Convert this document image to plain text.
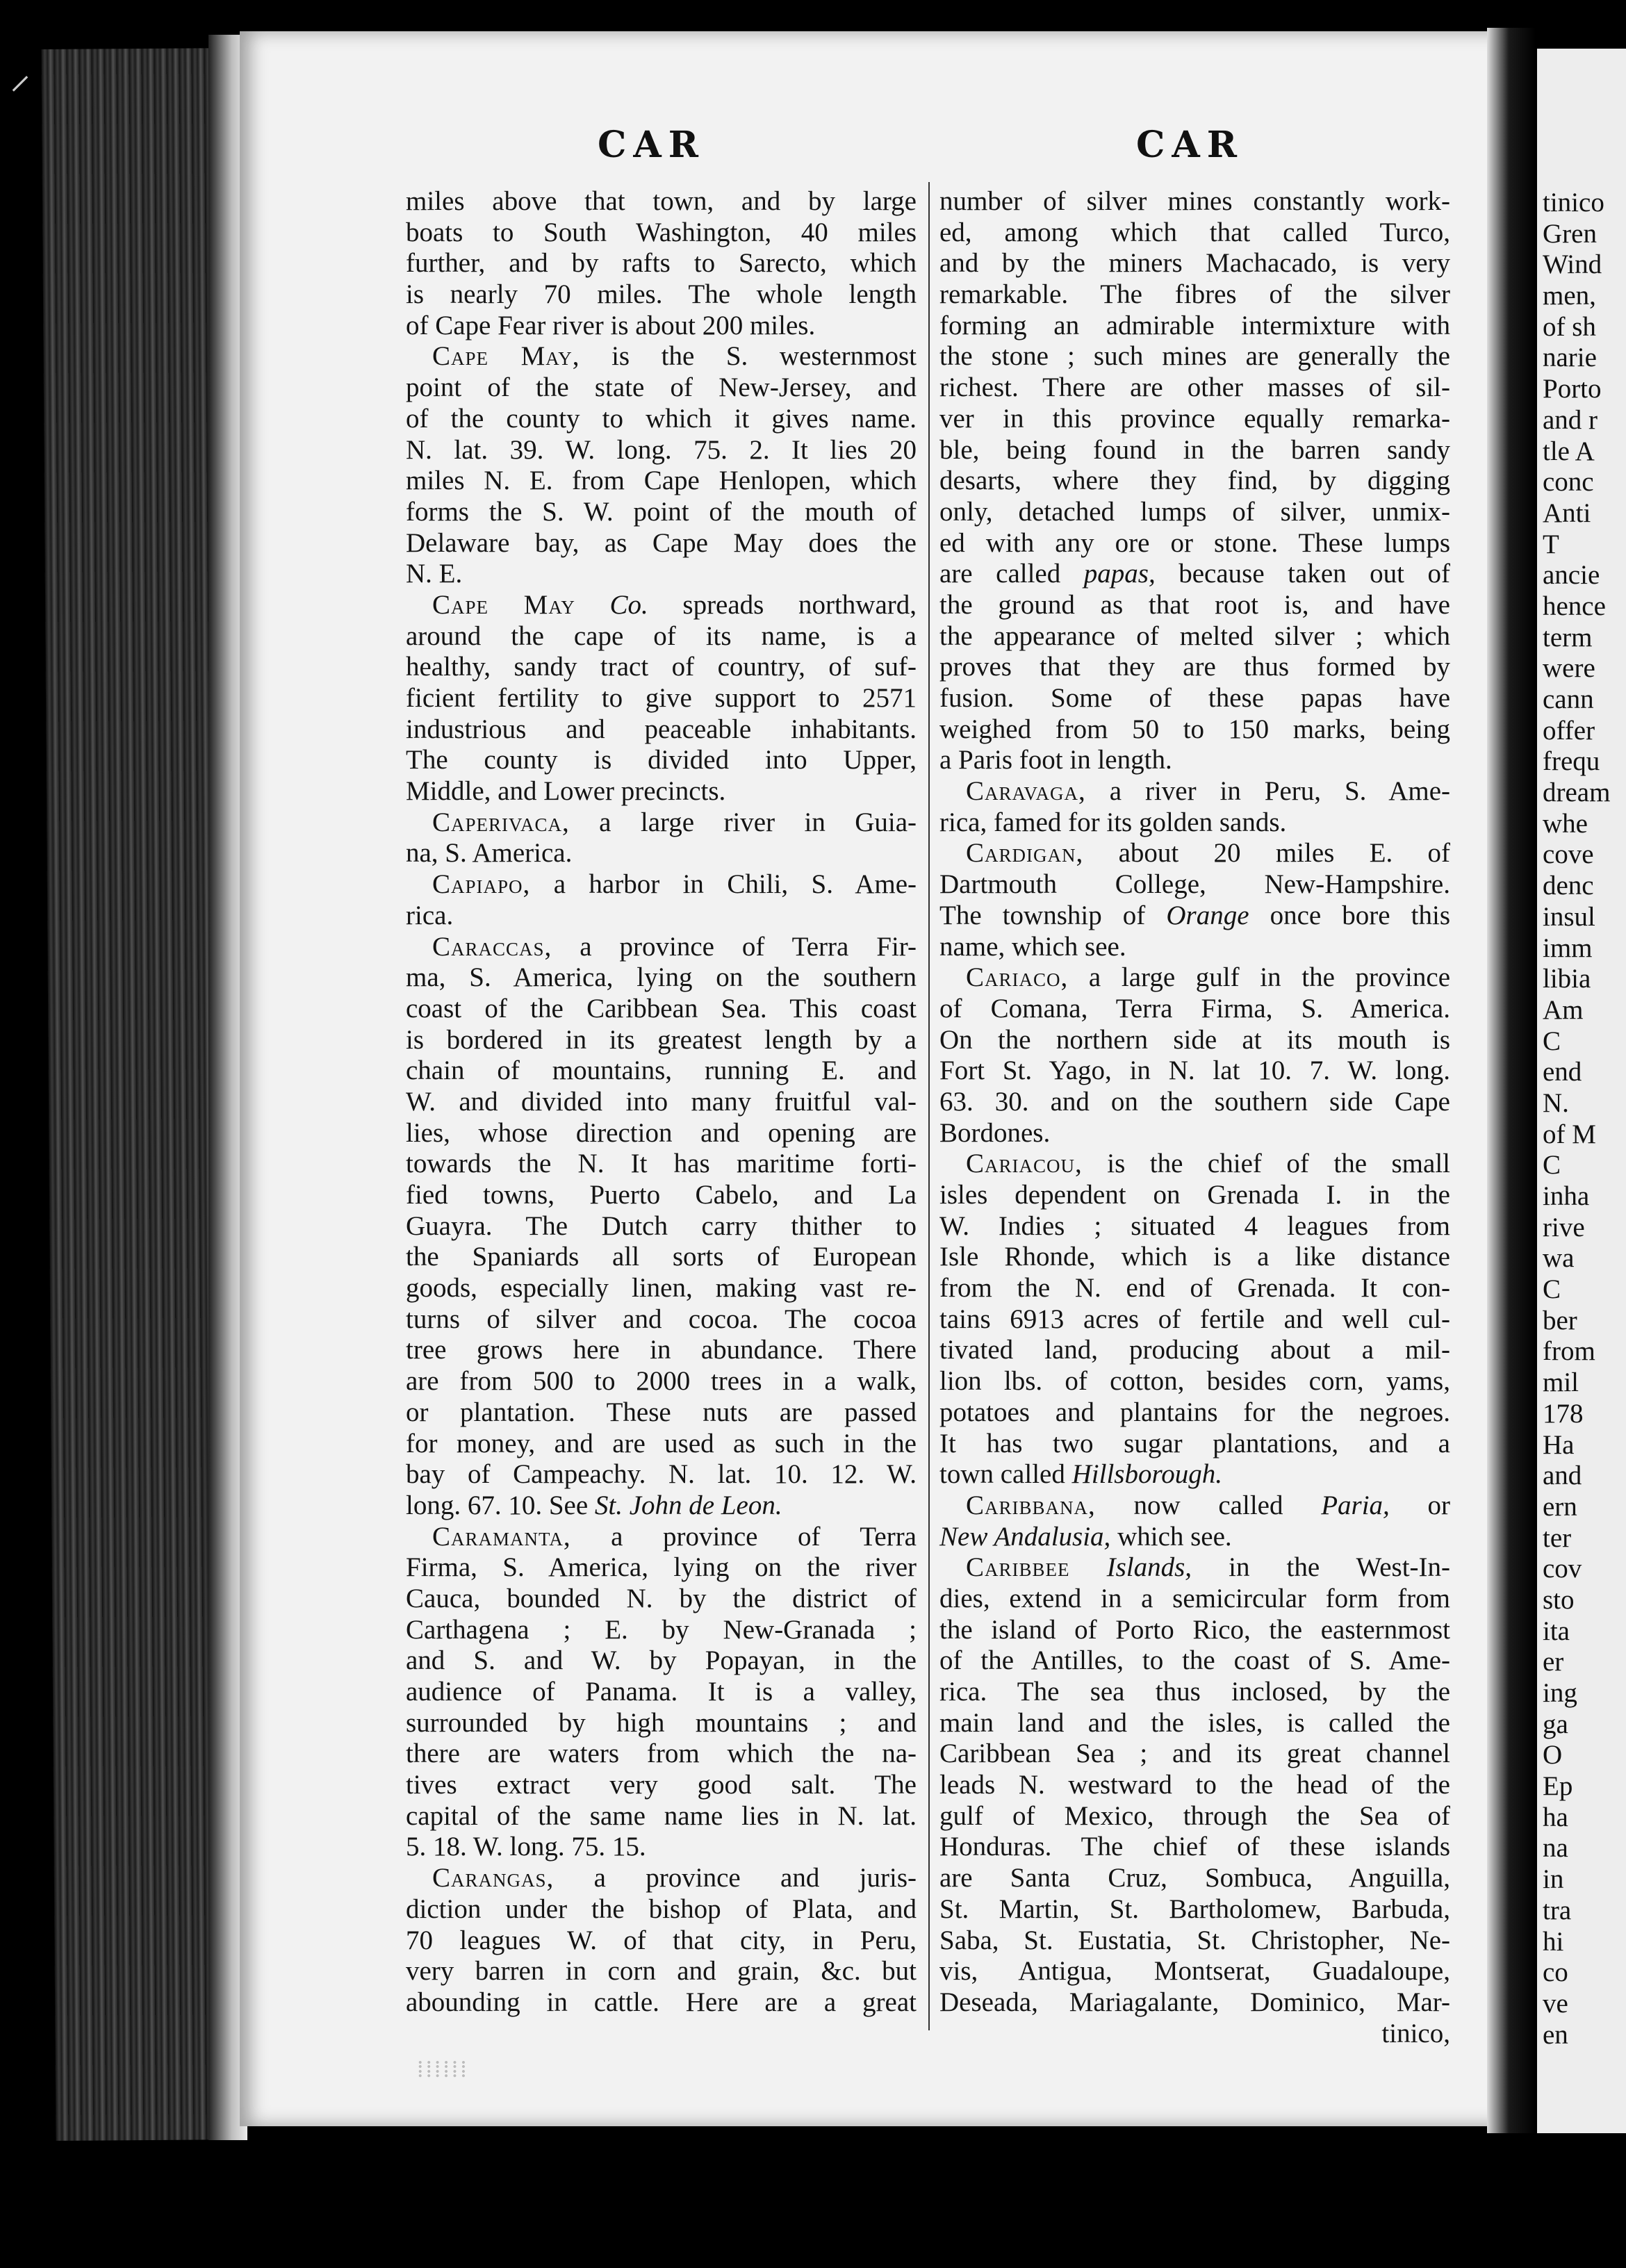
⸍
tinico
Gren
Wind
men,
of sh
narie
Porto
and r
tle A
conc
Anti
T
ancie
hence
term
were
cann
offer
frequ
dream
whe
cove
denc
insul
imm
libia
Am
C
end
N.
of M
C
inha
rive
wa
C
ber
from
mil
178
Ha
and
ern
ter
cov
sto
ita
er
ing
ga
O
Ep
ha
na
in
tra
hi
co
ve
en
CAR	CAR
miles above that town, and by large
boats to South Washington, 40 miles
further, and by rafts to Sarecto, which
is nearly 70 miles. The whole length
of Cape Fear river is about 200 miles.
Cape May, is the S. westernmost
point of the state of New-Jersey, and
of the county to which it gives name.
N. lat. 39. W. long. 75. 2. It lies 20
miles N. E. from Cape Henlopen, which
forms the S. W. point of the mouth of
Delaware bay, as Cape May does the
N. E.
Cape May Co. spreads northward,
around the cape of its name, is a
healthy, sandy tract of country, of suf-
ficient fertility to give support to 2571
industrious and peaceable inhabitants.
The county is divided into Upper,
Middle, and Lower precincts.
Caperivaca, a large river in Guia-
na, S. America.
Capiapo, a harbor in Chili, S. Ame-
rica.
Caraccas, a province of Terra Fir-
ma, S. America, lying on the southern
coast of the Caribbean Sea. This coast
is bordered in its greatest length by a
chain of mountains, running E. and
W. and divided into many fruitful val-
lies, whose direction and opening are
towards the N. It has maritime forti-
fied towns, Puerto Cabelo, and La
Guayra. The Dutch carry thither to
the Spaniards all sorts of European
goods, especially linen, making vast re-
turns of silver and cocoa. The cocoa
tree grows here in abundance. There
are from 500 to 2000 trees in a walk,
or plantation. These nuts are passed
for money, and are used as such in the
bay of Campeachy. N. lat. 10. 12. W.
long. 67. 10. See St. John de Leon.
Caramanta, a province of Terra
Firma, S. America, lying on the river
Cauca, bounded N. by the district of
Carthagena ; E. by New-Granada ;
and S. and W. by Popayan, in the
audience of Panama. It is a valley,
surrounded by high mountains ; and
there are waters from which the na-
tives extract very good salt. The
capital of the same name lies in N. lat.
5. 18. W. long. 75. 15.
Carangas, a province and juris-
diction under the bishop of Plata, and
70 leagues W. of that city, in Peru,
very barren in corn and grain, &c. but
abounding in cattle. Here are a great
number of silver mines constantly work-
ed, among which that called Turco,
and by the miners Machacado, is very
remarkable. The fibres of the silver
forming an admirable intermixture with
the stone ; such mines are generally the
richest. There are other masses of sil-
ver in this province equally remarka-
ble, being found in the barren sandy
desarts, where they find, by digging
only, detached lumps of silver, unmix-
ed with any ore or stone. These lumps
are called papas, because taken out of
the ground as that root is, and have
the appearance of melted silver ; which
proves that they are thus formed by
fusion. Some of these papas have
weighed from 50 to 150 marks, being
a Paris foot in length.
Caravaga, a river in Peru, S. Ame-
rica, famed for its golden sands.
Cardigan, about 20 miles E. of
Dartmouth College, New-Hampshire.
The township of Orange once bore this
name, which see.
Cariaco, a large gulf in the province
of Comana, Terra Firma, S. America.
On the northern side at its mouth is
Fort St. Yago, in N. lat 10. 7. W. long.
63. 30. and on the southern side Cape
Bordones.
Cariacou, is the chief of the small
isles dependent on Grenada I. in the
W. Indies ; situated 4 leagues from
Isle Rhonde, which is a like distance
from the N. end of Grenada. It con-
tains 6913 acres of fertile and well cul-
tivated land, producing about a mil-
lion lbs. of cotton, besides corn, yams,
potatoes and plantains for the negroes.
It has two sugar plantations, and a
town called Hillsborough.
Caribbana, now called Paria, or
New Andalusia, which see.
Caribbee Islands, in the West-In-
dies, extend in a semicircular form from
the island of Porto Rico, the easternmost
of the Antilles, to the coast of S. Ame-
rica. The sea thus inclosed, by the
main land and the isles, is called the
Caribbean Sea ; and its great channel
leads N. westward to the head of the
gulf of Mexico, through the Sea of
Honduras. The chief of these islands
are Santa Cruz, Sombuca, Anguilla,
St. Martin, St. Bartholomew, Barbuda,
Saba, St. Eustatia, St. Christopher, Ne-
vis, Antigua, Montserat, Guadaloupe,
Deseada, Mariagalante, Dominico, Mar-
tinico,
⁞⁞⁞⁞⁞⁞
